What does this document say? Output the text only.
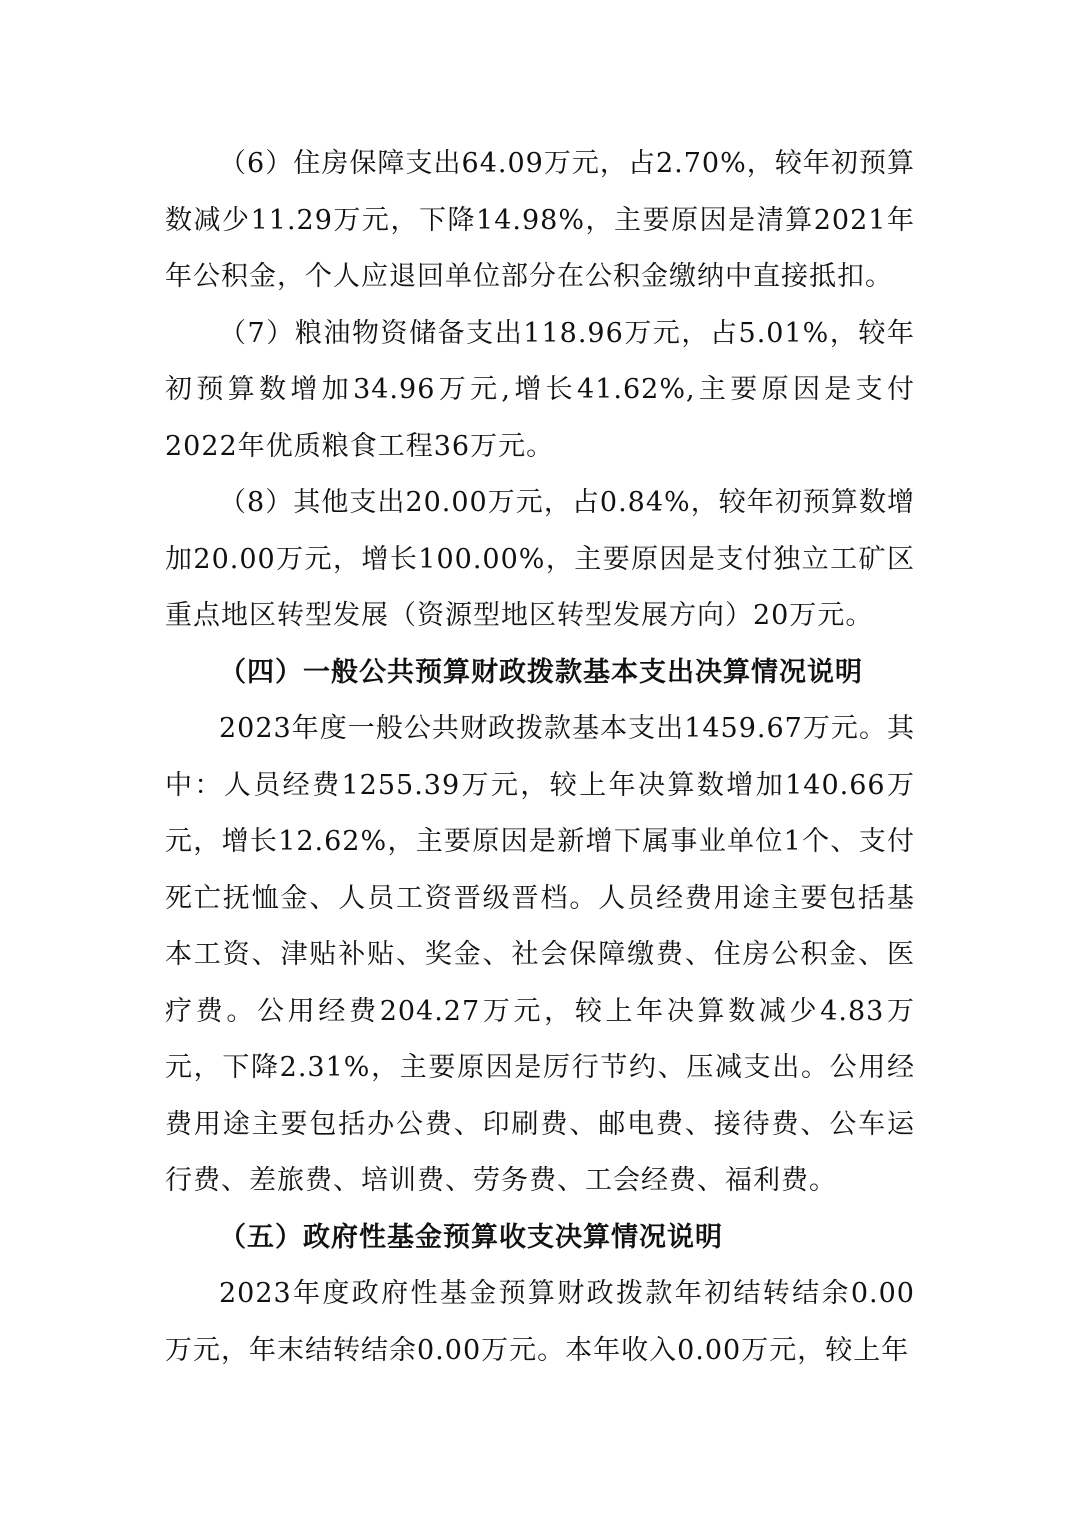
（6）住房保障支出64.09万元，占2.70%，较年初预算数减少11.29万元，下降14.98%，主要原因是清算2021年年公积金，个人应退回单位部分在公积金缴纳中直接抵扣。

（7）粮油物资储备支出118.96万元，占5.01%，较年初预算数增加34.96万元,增长41.62%,主要原因是支付2022年优质粮食工程36万元。

（8）其他支出20.00万元，占0.84%，较年初预算数增加20.00万元，增长100.00%，主要原因是支付独立工矿区重点地区转型发展（资源型地区转型发展方向）20万元。

（四）一般公共预算财政拨款基本支出决算情况说明

2023年度一般公共财政拨款基本支出1459.67万元。其中：人员经费1255.39万元，较上年决算数增加140.66万元，增长12.62%，主要原因是新增下属事业单位1个、支付死亡抚恤金、人员工资晋级晋档。人员经费用途主要包括基本工资、津贴补贴、奖金、社会保障缴费、住房公积金、医疗费。公用经费204.27万元，较上年决算数减少4.83万元，下降2.31%，主要原因是厉行节约、压减支出。公用经费用途主要包括办公费、印刷费、邮电费、接待费、公车运行费、差旅费、培训费、劳务费、工会经费、福利费。

（五）政府性基金预算收支决算情况说明

2023年度政府性基金预算财政拨款年初结转结余0.00万元，年末结转结余0.00万元。本年收入0.00万元，较上年
